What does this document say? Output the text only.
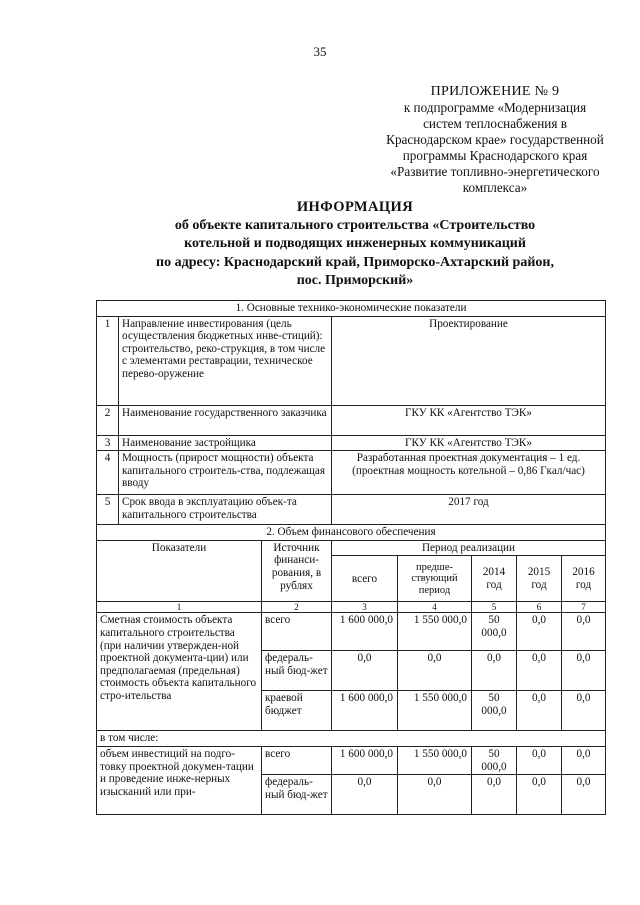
35
ПРИЛОЖЕНИЕ № 9
к подпрограмме «Модернизация
систем теплоснабжения в
Краснодарском крае» государственной
программы Краснодарского края
«Развитие топливно-энергетического
комплекса»
ИНФОРМАЦИЯ
об объекте капитального строительства «Строительство
котельной и подводящих инженерных коммуникаций
по адресу: Краснодарский край, Приморско-Ахтарский район,
пос. Приморский»
1. Основные технико-экономические показатели							
1	Направление инвестирования (цель осуществления бюджетных инве-стиций): строительство, реко-струкция, в том числе с элементами реставрации, техническое перево-оружение		Проектирование				
2	Наименование государственного заказчика		ГКУ КК «Агентство ТЭК»				
3	Наименование застройщика		ГКУ КК «Агентство ТЭК»				
4	Мощность (прирост мощности) объекта капитального строитель-ства, подлежащая вводу		Разработанная проектная документация – 1 ед. (проектная мощность котельной – 0,86 Гкал/час)				
5	Срок ввода в эксплуатацию объек-та капитального строительства		2017 год				
2. Объем финансового обеспечения							
Показатели		Источник финанси-рования, в рублях	Период реализации				
			всего	предше-ствующий период	2014 год	2015 год	2016 год
1		2	3	4	5	6	7
Сметная стоимость объекта капитального строительства (при наличии утвержден-ной проектной документа-ции) или предполагаемая (предельная) стоимость объекта капитального стро-ительства		всего	1 600 000,0	1 550 000,0	50 000,0	0,0	0,0
		федераль-ный бюд-жет	0,0	0,0	0,0	0,0	0,0
		краевой бюджет	1 600 000,0	1 550 000,0	50 000,0	0,0	0,0
в том числе:							
объем инвестиций на подго-товку проектной докумен-тации и проведение инже-нерных изысканий или при-		всего	1 600 000,0	1 550 000,0	50 000,0	0,0	0,0
		федераль-ный бюд-жет	0,0	0,0	0,0	0,0	0,0
